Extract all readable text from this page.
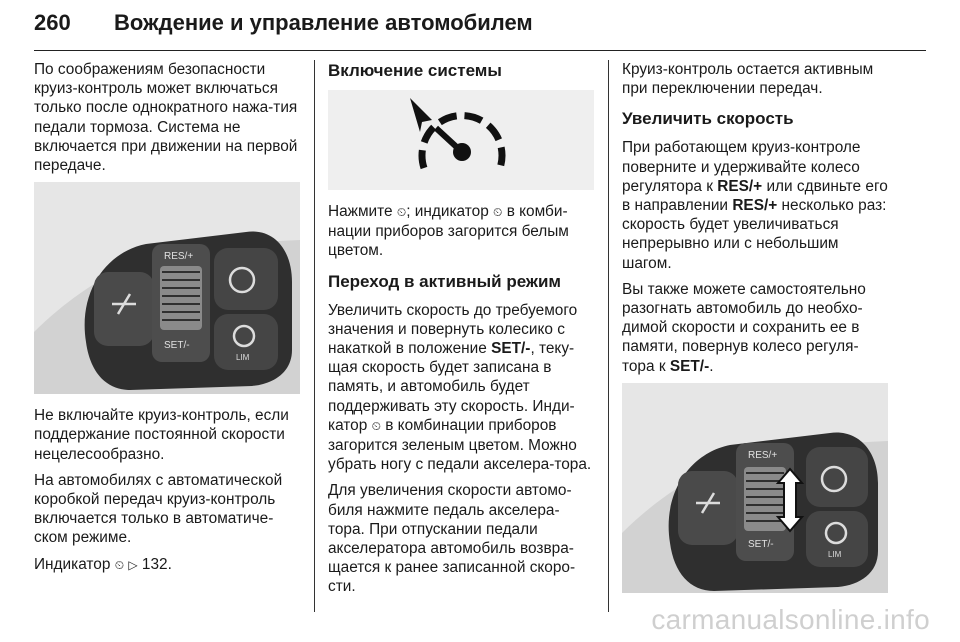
260 Вождение и управление автомобилем

По соображениям безопасности круиз-контроль может включаться только после однократного нажа-тия педали тормоза. Система не включается при движении на первой передаче.

RES/+
SET/-
LIM

Не включайте круиз-контроль, если поддержание постоянной скорости нецелесообразно.

На автомобилях с автоматической коробкой передач круиз-контроль включается только в автоматиче-ском режиме.

Индикатор ⏲ ▷ 132.

Включение системы

Нажмите ⏲; индикатор ⏲ в комби-нации приборов загорится белым цветом.

Переход в активный режим

Увеличить скорость до требуемого значения и повернуть колесико с накаткой в положение SET/-, теку-щая скорость будет записана в память, и автомобиль будет поддерживать эту скорость. Инди-катор ⏲ в комбинации приборов загорится зеленым цветом. Можно убрать ногу с педали акселера-тора.

Для увеличения скорости автомо-биля нажмите педаль акселера-тора. При отпускании педали акселератора автомобиль возвра-щается к ранее записанной скоро-сти.

Круиз-контроль остается активным при переключении передач.

Увеличить скорость

При работающем круиз-контроле поверните и удерживайте колесо регулятора к RES/+ или сдвиньте его в направлении RES/+ несколько раз: скорость будет увеличиваться непрерывно или с небольшим шагом.

Вы также можете самостоятельно разогнать автомобиль до необхо-димой скорости и сохранить ее в памяти, повернув колесо регуля-тора к SET/-.

RES/+
SET/-
LIM
carmanualsonline.info
